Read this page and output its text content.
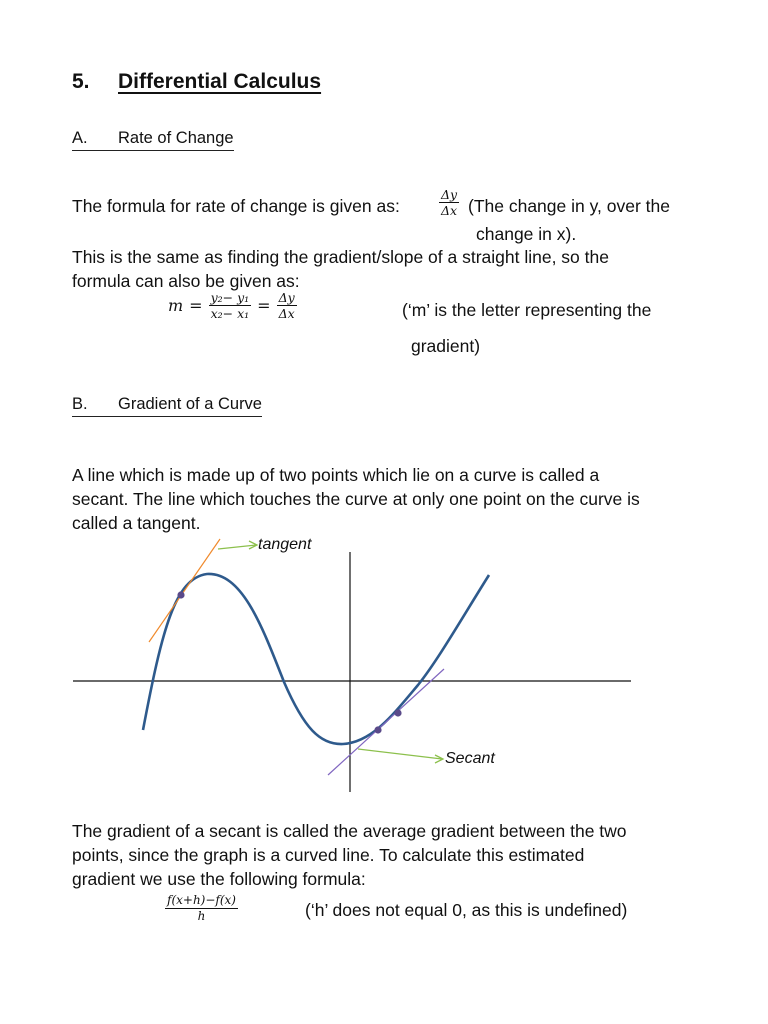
5. Differential Calculus
A. Rate of Change
The formula for rate of change is given as:	$\frac{\Delta y}{\Delta x} (The$ change in y, over the
change in x).
This is the same as finding the gradient/slope of a straight line, so the
formula can also be given as:
$m = \frac{\text{y₂− y₁}}{\text{x₂− x₁}} = \frac{\Delta y}{\Delta x}$	(‘m’ is the letter representing the
gradient)
B. Gradient of a Curve
A line which is made up of two points which lie on a curve is called a
secant. The line which touches the curve at only one point on the curve is
called a tangent.
tangent
Secant
The gradient of a secant is called the average gradient between the two
points, since the graph is a curved line. To calculate this estimated
gradient we use the following formula:
$\frac{f(x+h)-f(x)}{h}$	(‘h’ does not equal 0, as this is undefined)
